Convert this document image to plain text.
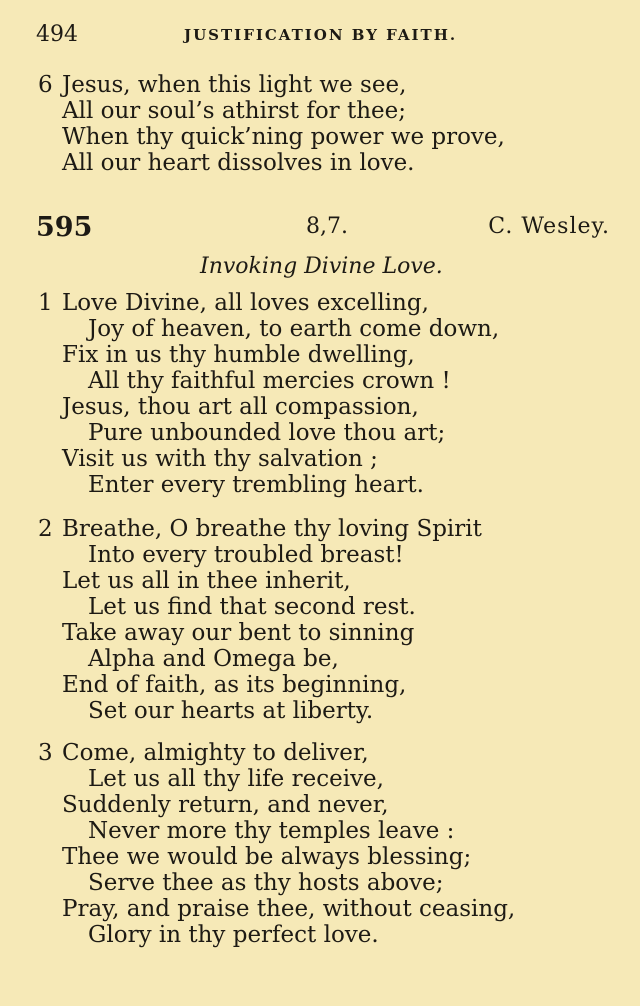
494	JUSTIFICATION BY FAITH.
6 Jesus, when this light we see,
All our soul’s athirst for thee;
When thy quick’ning power we prove,
All our heart dissolves in love.
595	8,7.	C. Wesley.
Invoking Divine Love.
1 Love Divine, all loves excelling,
Joy of heaven, to earth come down,
Fix in us thy humble dwelling,
All thy faithful mercies crown !
Jesus, thou art all compassion,
Pure unbounded love thou art;
Visit us with thy salvation ;
Enter every trembling heart.
2 Breathe, O breathe thy loving Spirit
Into every troubled breast!
Let us all in thee inherit,
Let us find that second rest.
Take away our bent to sinning
Alpha and Omega be,
End of faith, as its beginning,
Set our hearts at liberty.
3 Come, almighty to deliver,
Let us all thy life receive,
Suddenly return, and never,
Never more thy temples leave :
Thee we would be always blessing;
Serve thee as thy hosts above;
Pray, and praise thee, without ceasing,
Glory in thy perfect love.
